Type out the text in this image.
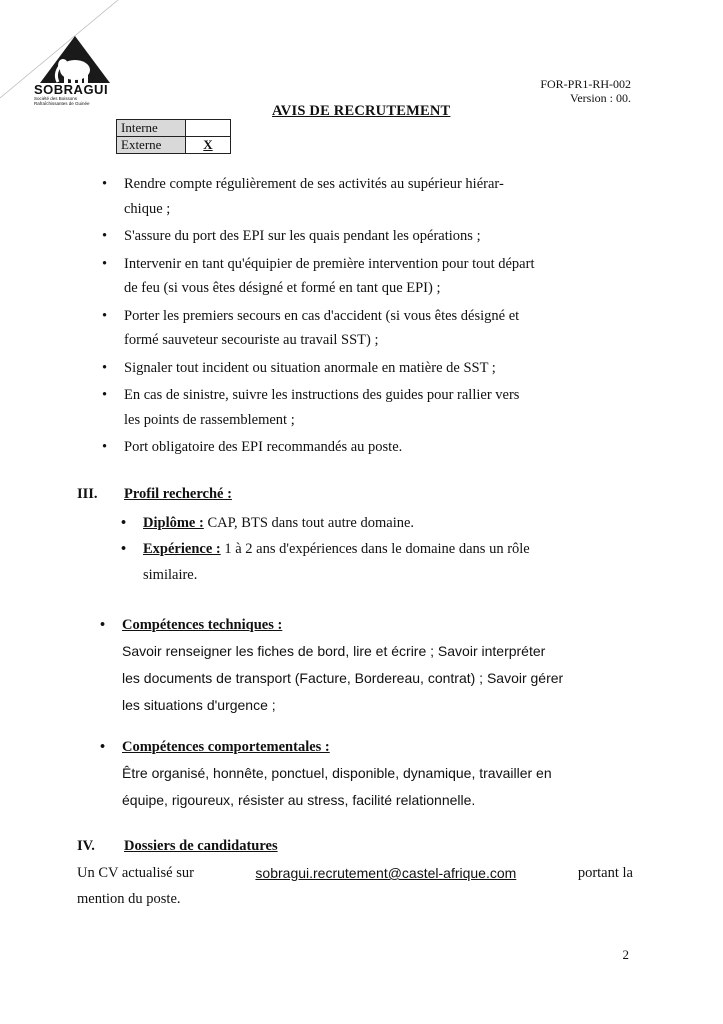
SOBRAGUI
Société des Boissons Rafraîchissantes de Guinée
FOR-PR1-RH-002
Version : 00.
AVIS DE RECRUTEMENT
Interne	
Externe	X
• Rendre compte régulièrement de ses activités au supérieur hiérar-
chique ;
• S'assure du port des EPI sur les quais pendant les opérations ;
• Intervenir en tant qu'équipier de première intervention pour tout départ
de feu (si vous êtes désigné et formé en tant que EPI) ;
• Porter les premiers secours en cas d'accident (si vous êtes désigné et
formé sauveteur secouriste au travail SST) ;
• Signaler tout incident ou situation anormale en matière de SST ;
• En cas de sinistre, suivre les instructions des guides pour rallier vers
les points de rassemblement ;
• Port obligatoire des EPI recommandés au poste.
III. Profil recherché :
• Diplôme : CAP, BTS dans tout autre domaine.
• Expérience : 1 à 2 ans d'expériences dans le domaine dans un rôle
similaire.
• Compétences techniques :
Savoir renseigner les fiches de bord, lire et écrire ; Savoir interpréter
les documents de transport (Facture, Bordereau, contrat) ; Savoir gérer
les situations d'urgence ;
• Compétences comportementales :
Être organisé, honnête, ponctuel, disponible, dynamique, travailler en
équipe, rigoureux, résister au stress, facilité relationnelle.
IV. Dossiers de candidatures
Un CV actualisé sur	sobragui.recrutement@castel-afrique.com	portant la
mention du poste.
2
